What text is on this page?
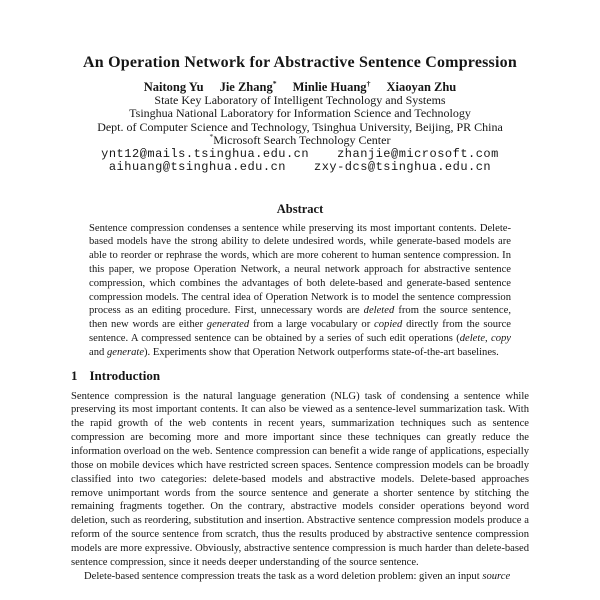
An Operation Network for Abstractive Sentence Compression
Naitong Yu Jie Zhang* Minlie Huang† Xiaoyan Zhu
State Key Laboratory of Intelligent Technology and Systems
Tsinghua National Laboratory for Information Science and Technology
Dept. of Computer Science and Technology, Tsinghua University, Beijing, PR China
*Microsoft Search Technology Center
ynt12@mails.tsinghua.edu.cn zhanjie@microsoft.com
aihuang@tsinghua.edu.cn zxy-dcs@tsinghua.edu.cn
Abstract

Sentence compression condenses a sentence while preserving its most important contents. Delete-based models have the strong ability to delete undesired words, while generate-based models are able to reorder or rephrase the words, which are more coherent to human sentence compression. In this paper, we propose Operation Network, a neural network approach for abstractive sentence compression, which combines the advantages of both delete-based and generate-based sentence compression models. The central idea of Operation Network is to model the sentence compression process as an editing procedure. First, unnecessary words are deleted from the source sentence, then new words are either generated from a large vocabulary or copied directly from the source sentence. A compressed sentence can be obtained by a series of such edit operations (delete, copy and generate). Experiments show that Operation Network outperforms state-of-the-art baselines.

1 Introduction

Sentence compression is the natural language generation (NLG) task of condensing a sentence while preserving its most important contents. It can also be viewed as a sentence-level summarization task. With the rapid growth of the web contents in recent years, summarization techniques such as sentence compression are becoming more and more important since these techniques can greatly reduce the information overload on the web. Sentence compression can benefit a wide range of applications, especially those on mobile devices which have restricted screen spaces. Sentence compression models can be broadly classified into two categories: delete-based models and abstractive models. Delete-based approaches remove unimportant words from the source sentence and generate a shorter sentence by stitching the remaining fragments together. On the contrary, abstractive models consider operations beyond word deletion, such as reordering, substitution and insertion. Abstractive sentence compression models produce a reform of the source sentence from scratch, thus the results produced by abstractive sentence compression models are more expressive. Obviously, abstractive sentence compression is much harder than delete-based sentence compression, since it needs deeper understanding of the source sentence.

Delete-based sentence compression treats the task as a word deletion problem: given an input source
